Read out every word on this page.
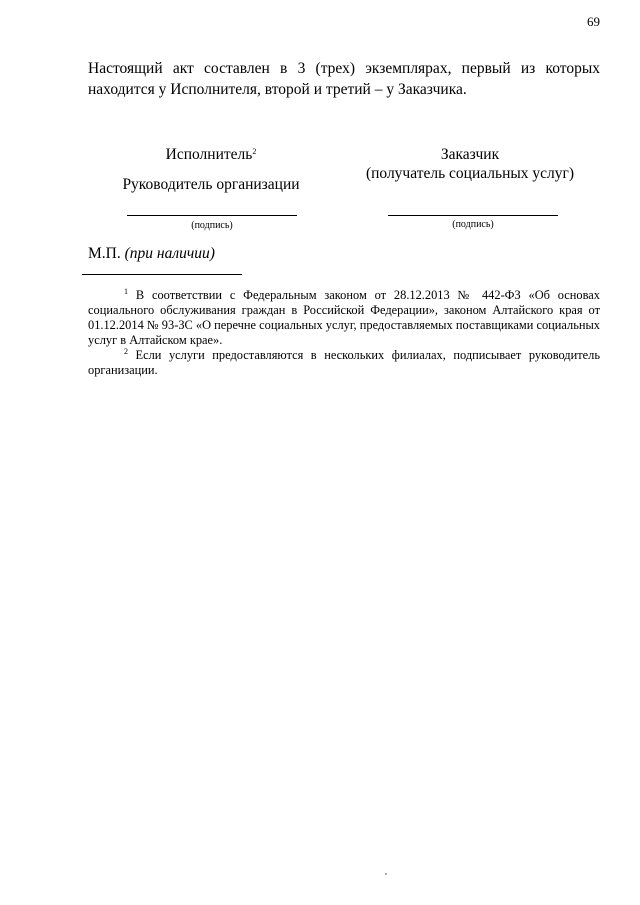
69
Настоящий акт составлен в 3 (трех) экземплярах, первый из которых находится у Исполнителя, второй и третий – у Заказчика.
Исполнитель$^2$
Руководитель организации
Заказчик
(получатель социальных услуг)
(подпись)	(подпись)
М.П. (при наличии)

$^1$ В соответствии с Федеральным законом от 28.12.2013 № 442-ФЗ «Об основах социального обслуживания граждан в Российской Федерации», законом Алтайского края от 01.12.2014 № 93-ЗС «О перечне социальных услуг, предоставляемых поставщиками социальных услуг в Алтайском крае».

$^2$ Если услуги предоставляются в нескольких филиалах, подписывает руководитель организации.
